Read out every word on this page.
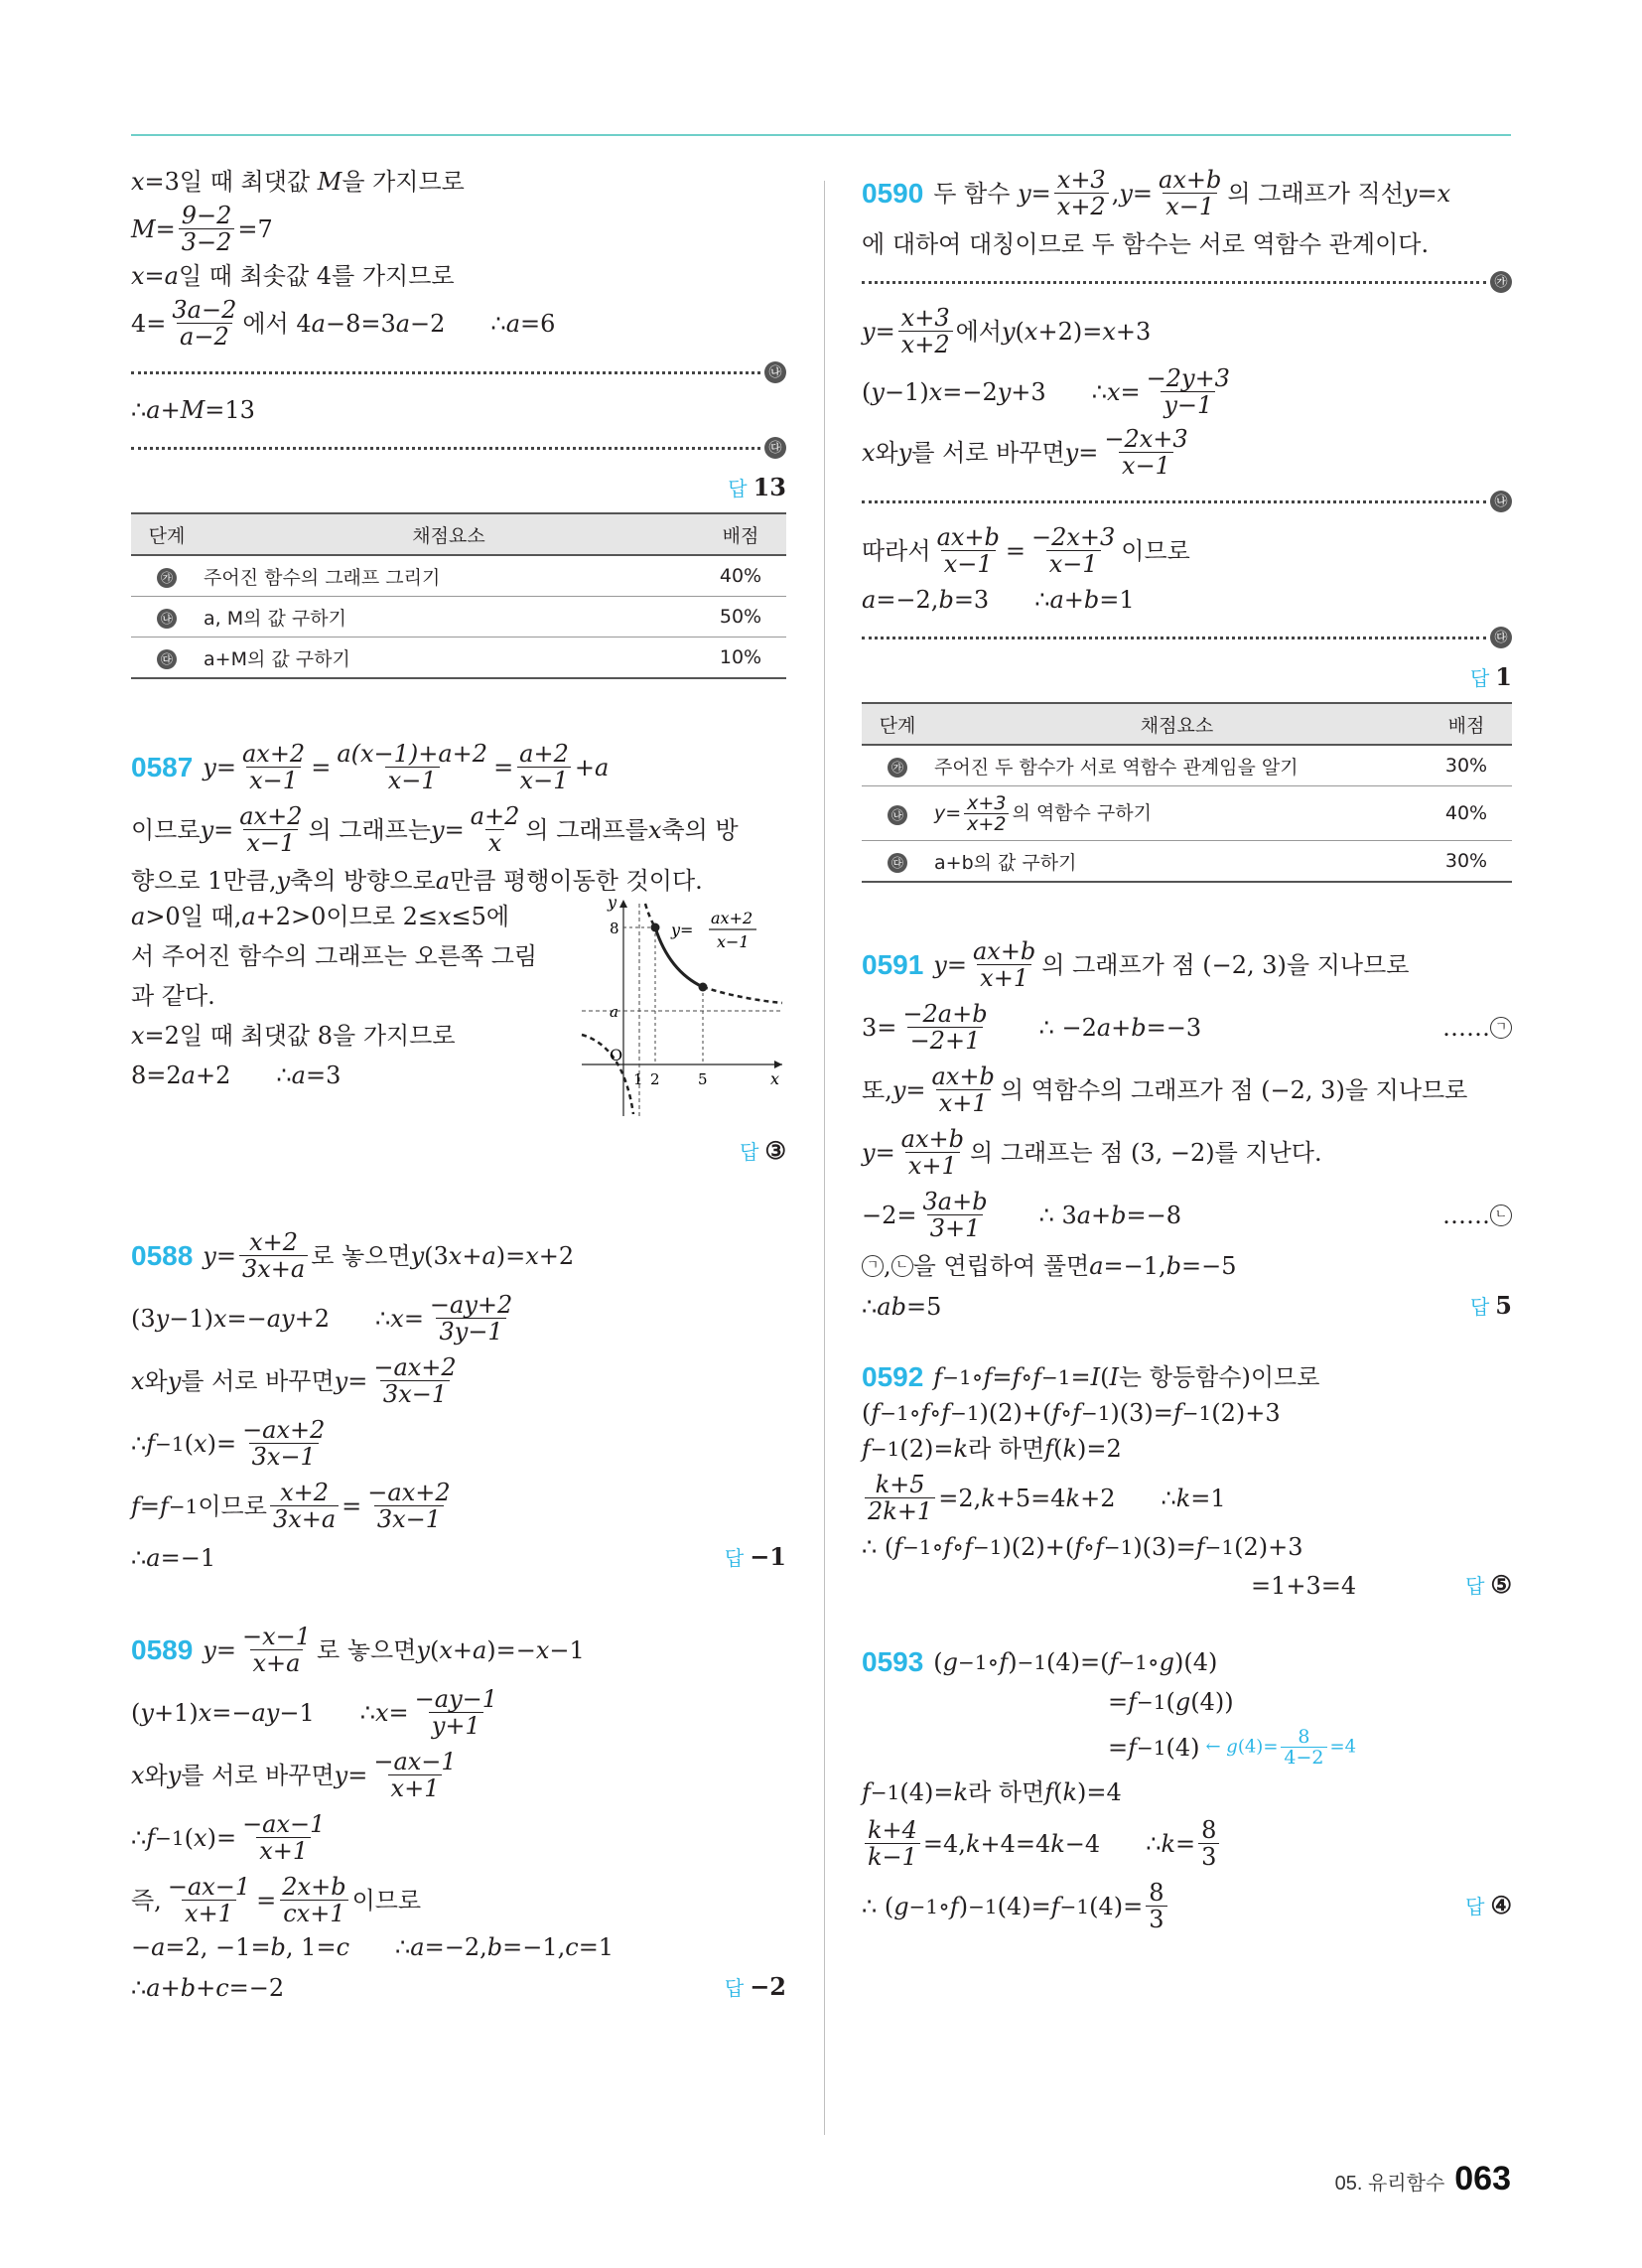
x =3일 때 최댓값 M 을 가지므로
$M = \frac{9-2}{3-2} =7$
x = a 일 때 최솟값 4를 가지므로
$4= \frac{3a-2}{a-2}$ 에서 4 a −8=3 a −2 ∴ a =6
㉯
∴ a + M =13
㉰
답 13
단계	채점요소	배점
㉮	주어진 함수의 그래프 그리기	40%
㉯	a, M의 값 구하기	50%
㉰	a+M의 값 구하기	10%
0587 $y = \frac{ax+2}{x-1} = \frac{a(x-1)+a+2}{x-1} = \frac{a+2}{x-1} + a$
이므로 $y = \frac{ax+2}{x-1}$ 의 그래프는 $y = \frac{a+2}{x}$ 의 그래프를 x 축의 방
향으로 1만큼, y 축의 방향으로 a 만큼 평행이동한 것이다.
a >0일 때, a +2>0이므로 2≤ x ≤5에
서 주어진 함수의 그래프는 오른쪽 그림
과 같다.
x =2일 때 최댓값 8을 가지므로
8=2 a +2 ∴ a =3
y
x
O
1 2	5
8
a
y=
ax+2
x−1
답 ③
0588 $y = \frac{x+2}{3x+a}$ 로 놓으면 y (3 x + a )= x +2
(3 y −1) x =− ay +2 ∴ $x = \frac{-ay+2}{3y-1}$
x 와 y 를 서로 바꾸면 $y = \frac{-ax+2}{3x-1}$
∴ f −1 ( x )= $\frac{-ax+2}{3x-1}$
f = f −1 이므로 $\frac{x+2}{3x+a} = \frac{-ax+2}{3x-1}$
∴ a =−1	답 −1
0589 $y = \frac{-x-1}{x+a}$ 로 놓으면 y ( x + a )=− x −1
( y +1) x =− ay −1 ∴ $x = \frac{-ay-1}{y+1}$
x 와 y 를 서로 바꾸면 $y = \frac{-ax-1}{x+1}$
∴ f −1 ( x )= $\frac{-ax-1}{x+1}$
즉, $\frac{-ax-1}{x+1} = \frac{2x+b}{cx+1}$ 이므로
− a =2, −1= b , 1= c ∴ a =−2, b =−1, c =1
∴ a + b + c =−2	답 −2
0590 두 함수 $y = \frac{x+3}{x+2}$ , $y = \frac{ax+b}{x-1}$ 의 그래프가 직선 y = x
에 대하여 대칭이므로 두 함수는 서로 역함수 관계이다.
㉮
$y = \frac{x+3}{x+2}$ 에서 y ( x +2)= x +3
( y −1) x =−2 y +3 ∴ $x = \frac{-2y+3}{y-1}$
x 와 y 를 서로 바꾸면 $y = \frac{-2x+3}{x-1}$
㉯
따라서 $\frac{ax+b}{x-1} = \frac{-2x+3}{x-1}$ 이므로
a =−2, b =3 ∴ a + b =1
㉰
답 1
단계	채점요소	배점
㉮	주어진 두 함수가 서로 역함수 관계임을 알기	30%
㉯	$y= \frac{x+3}{x+2}$ 의 역함수 구하기	40%
㉰	a+b의 값 구하기	30%
0591 $y = \frac{ax+b}{x+1}$ 의 그래프가 점 (−2, 3)을 지나므로
$3= \frac{-2a+b}{-2+1}$ ∴ −2 a + b =−3	…… ㄱ
또, $y = \frac{ax+b}{x+1}$ 의 역함수의 그래프가 점 (−2, 3)을 지나므로
$y = \frac{ax+b}{x+1}$ 의 그래프는 점 (3, −2)를 지난다.
$-2= \frac{3a+b}{3+1}$ ∴ 3 a + b =−8	…… ㄴ
ㄱ , ㄴ 을 연립하여 풀면 a =−1, b =−5
∴ ab =5	답 5
0592 f −1 ∘ f = f ∘ f −1 = I ( I 는 항등함수)이므로
( f −1 ∘ f ∘ f −1 )(2)+( f ∘ f −1 )(3)= f −1 (2)+3
f −1 (2)= k 라 하면 f ( k )=2
$\frac{k+5}{2k+1} =2$, k +5=4 k +2 ∴ k =1
∴ ( f −1 ∘ f ∘ f −1 )(2)+( f ∘ f −1 )(3)= f −1 (2)+3
=1+3=4	답 ⑤
0593 ( g −1 ∘ f ) −1 (4)=( f −1 ∘ g )(4)
= f −1 ( g (4))
= f −1 (4) ← $g(4)= \frac{8}{4-2} =4$
f −1 (4)= k 라 하면 f ( k )=4
$\frac{k+4}{k-1} =4$, k +4=4 k −4 ∴ $k = \frac{8}{3}$
∴ ( g −1 ∘ f ) −1 (4)= f −1 $(4)= \frac{8}{3}$	답 ④
05. 유리함수 063
